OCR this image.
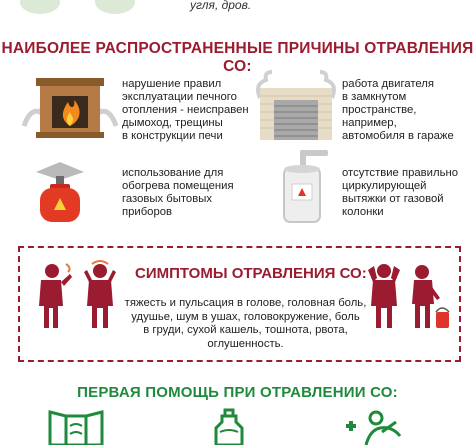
угля, дров.
НАИБОЛЕЕ РАСПРОСТРАНЕННЫЕ ПРИЧИНЫ ОТРАВЛЕНИЯ СО:
нарушение правил
эксплуатации печного
отопления - неисправен
дымоход, трещины
в конструкции печи
работа двигателя
в замкнутом
пространстве,
например,
автомобиля в гараже
использование для
обогрева помещения
газовых бытовых
приборов
отсутствие правильно
циркулирующей
вытяжки от газовой
колонки
СИМПТОМЫ ОТРАВЛЕНИЯ СО:
тяжесть и пульсация в голове, головная боль,
удушье, шум в ушах, головокружение, боль
в груди, сухой кашель, тошнота, рвота,
оглушенность.
ПЕРВАЯ ПОМОЩЬ ПРИ ОТРАВЛЕНИИ СО:
